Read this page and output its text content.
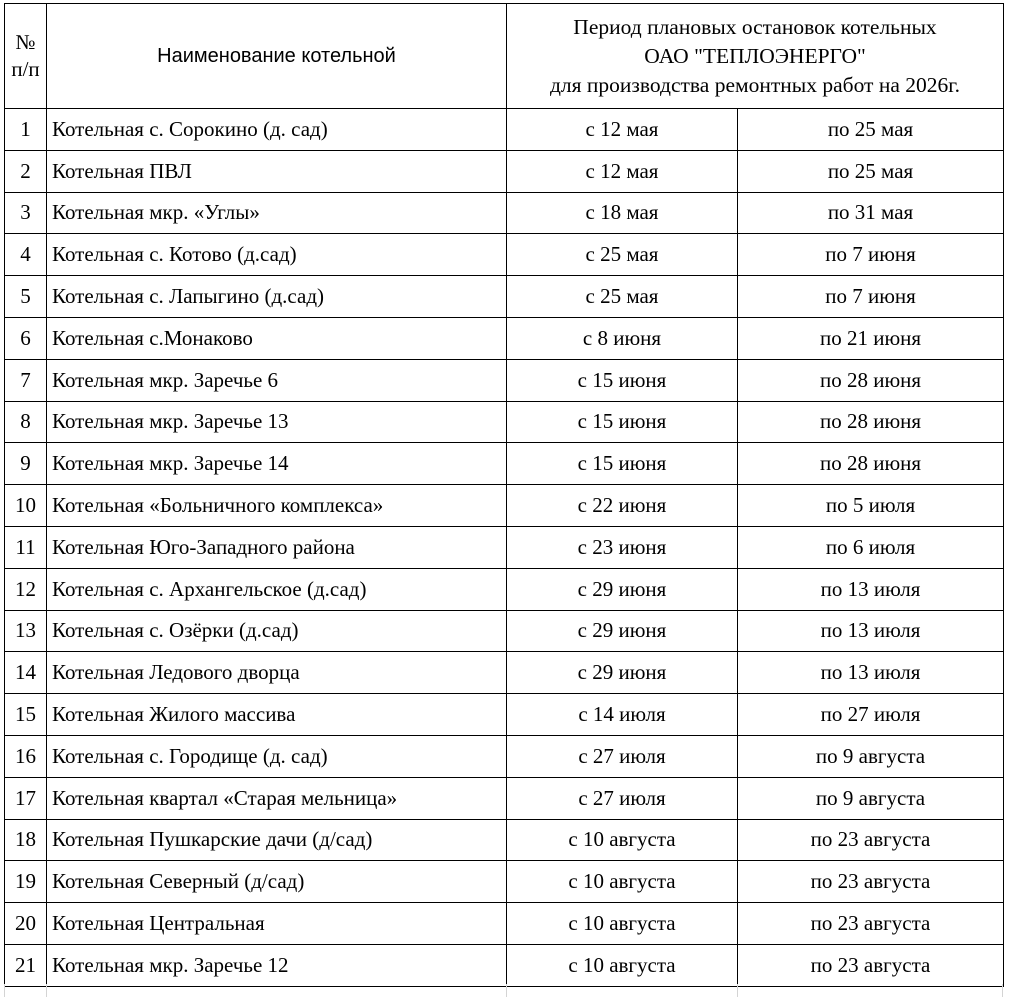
№
п/п	Наименование котельной	Период плановых остановок котельных
ОАО "ТЕПЛОЭНЕРГО"
для производства ремонтных работ на 2026г.	

1	Котельная с. Сорокино (д. сад)	с 12 мая	по 25 мая
2	Котельная ПВЛ	с 12 мая	по 25 мая
3	Котельная мкр. «Углы»	с 18 мая	по 31 мая
4	Котельная с. Котово (д.сад)	с 25 мая	по 7 июня
5	Котельная с. Лапыгино (д.сад)	с 25 мая	по 7 июня
6	Котельная с.Монаково	с 8 июня	по 21 июня
7	Котельная мкр. Заречье 6	с 15 июня	по 28 июня
8	Котельная мкр. Заречье 13	с 15 июня	по 28 июня
9	Котельная мкр. Заречье 14	с 15 июня	по 28 июня
10	Котельная «Больничного комплекса»	с 22 июня	по 5 июля
11	Котельная Юго-Западного района	с 23 июня	по 6 июля
12	Котельная с. Архангельское (д.сад)	с 29 июня	по 13 июля
13	Котельная с. Озёрки (д.сад)	с 29 июня	по 13 июля
14	Котельная Ледового дворца	с 29 июня	по 13 июля
15	Котельная Жилого массива	с 14 июля	по 27 июля
16	Котельная с. Городище (д. сад)	с 27 июля	по 9 августа
17	Котельная квартал «Старая мельница»	с 27 июля	по 9 августа
18	Котельная Пушкарские дачи (д/сад)	с 10 августа	по 23 августа
19	Котельная Северный (д/сад)	с 10 августа	по 23 августа
20	Котельная Центральная	с 10 августа	по 23 августа
21	Котельная мкр. Заречье 12	с 10 августа	по 23 августа
